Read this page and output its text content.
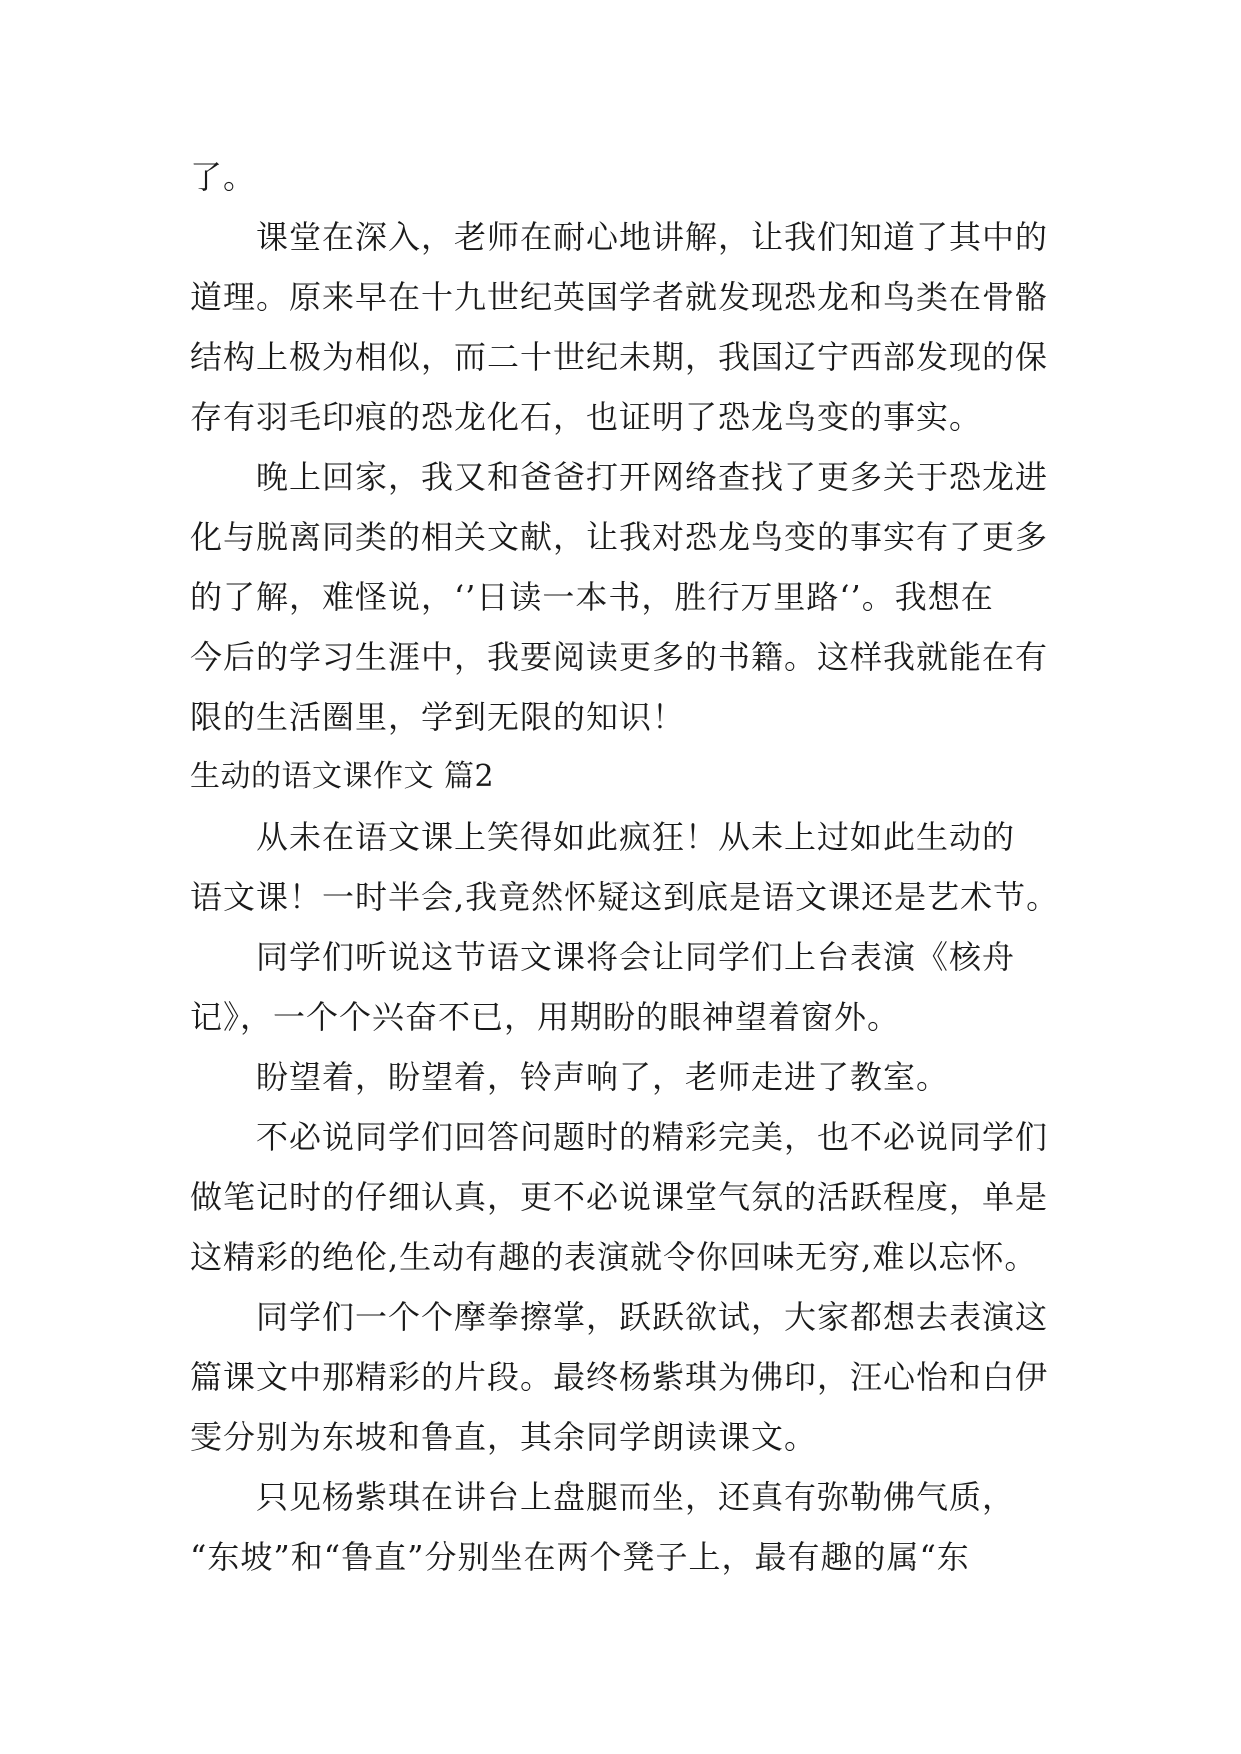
了。
课堂在深入，老师在耐心地讲解，让我们知道了其中的
道理。原来早在十九世纪英国学者就发现恐龙和鸟类在骨骼
结构上极为相似，而二十世纪未期，我国辽宁西部发现的保
存有羽毛印痕的恐龙化石，也证明了恐龙鸟变的事实。
晚上回家，我又和爸爸打开网络查找了更多关于恐龙进
化与脱离同类的相关文献，让我对恐龙鸟变的事实有了更多
的了解，难怪说，‘’日读一本书，胜行万里路‘’。我想在
今后的学习生涯中，我要阅读更多的书籍。这样我就能在有
限的生活圈里，学到无限的知识！
生动的语文课作文 篇2
从未在语文课上笑得如此疯狂！从未上过如此生动的
语文课！一时半会,我竟然怀疑这到底是语文课还是艺术节。
同学们听说这节语文课将会让同学们上台表演《核舟
记》，一个个兴奋不已，用期盼的眼神望着窗外。
盼望着，盼望着，铃声响了，老师走进了教室。
不必说同学们回答问题时的精彩完美，也不必说同学们
做笔记时的仔细认真，更不必说课堂气氛的活跃程度，单是
这精彩的绝伦,生动有趣的表演就令你回味无穷,难以忘怀。
同学们一个个摩拳擦掌，跃跃欲试，大家都想去表演这
篇课文中那精彩的片段。最终杨紫琪为佛印，汪心怡和白伊
雯分别为东坡和鲁直，其余同学朗读课文。
只见杨紫琪在讲台上盘腿而坐，还真有弥勒佛气质，
“东坡”和“鲁直”分别坐在两个凳子上，最有趣的属“东
